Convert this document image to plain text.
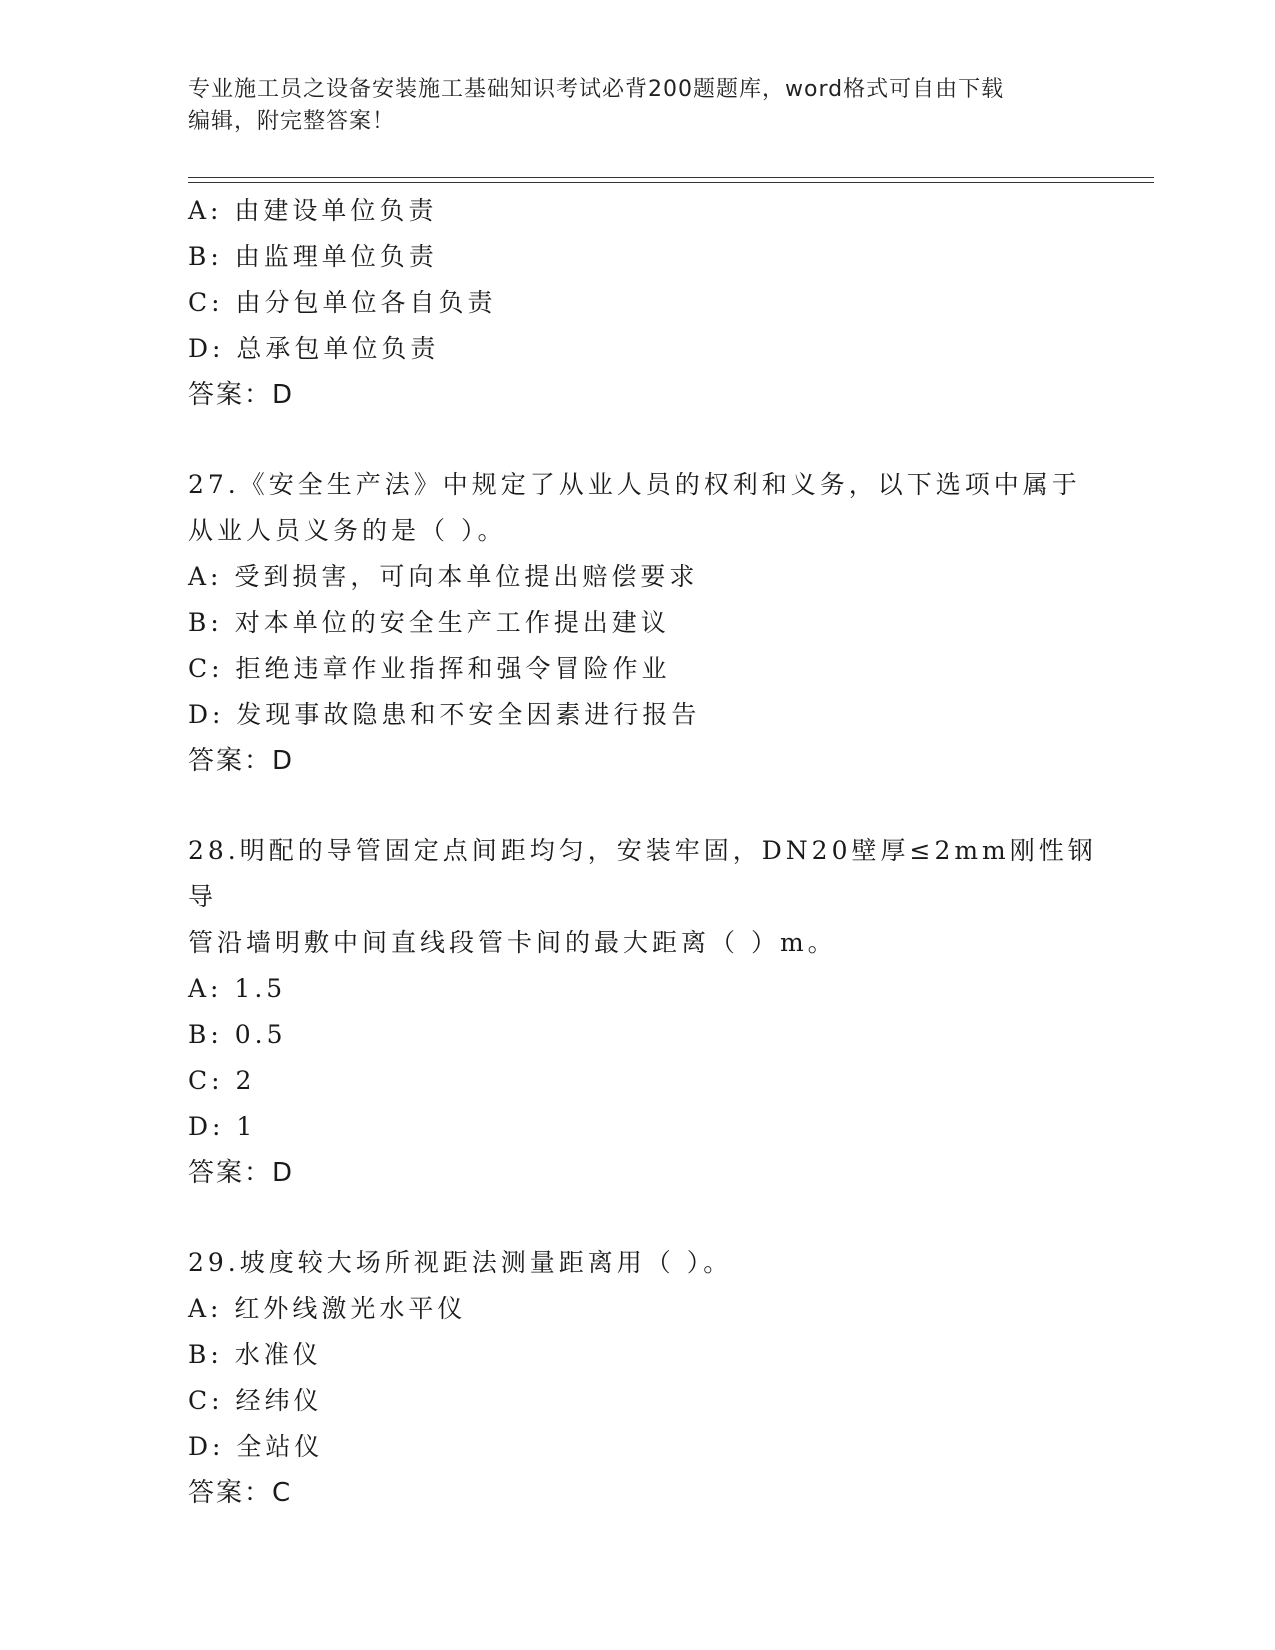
专业施工员之设备安装施工基础知识考试必背200题题库，word格式可自由下载
编辑，附完整答案！
A: 由建设单位负责
B: 由监理单位负责
C: 由分包单位各自负责
D: 总承包单位负责
答案：D
27.《安全生产法》中规定了从业人员的权利和义务，以下选项中属于
从业人员义务的是（ ）。
A: 受到损害，可向本单位提出赔偿要求
B: 对本单位的安全生产工作提出建议
C: 拒绝违章作业指挥和强令冒险作业
D: 发现事故隐患和不安全因素进行报告
答案：D
28.明配的导管固定点间距均匀，安装牢固，DN20壁厚≤2mm刚性钢导
管沿墙明敷中间直线段管卡间的最大距离（ ）m。
A: 1.5
B: 0.5
C: 2
D: 1
答案：D
29.坡度较大场所视距法测量距离用（ ）。
A: 红外线激光水平仪
B: 水准仪
C: 经纬仪
D: 全站仪
答案：C
